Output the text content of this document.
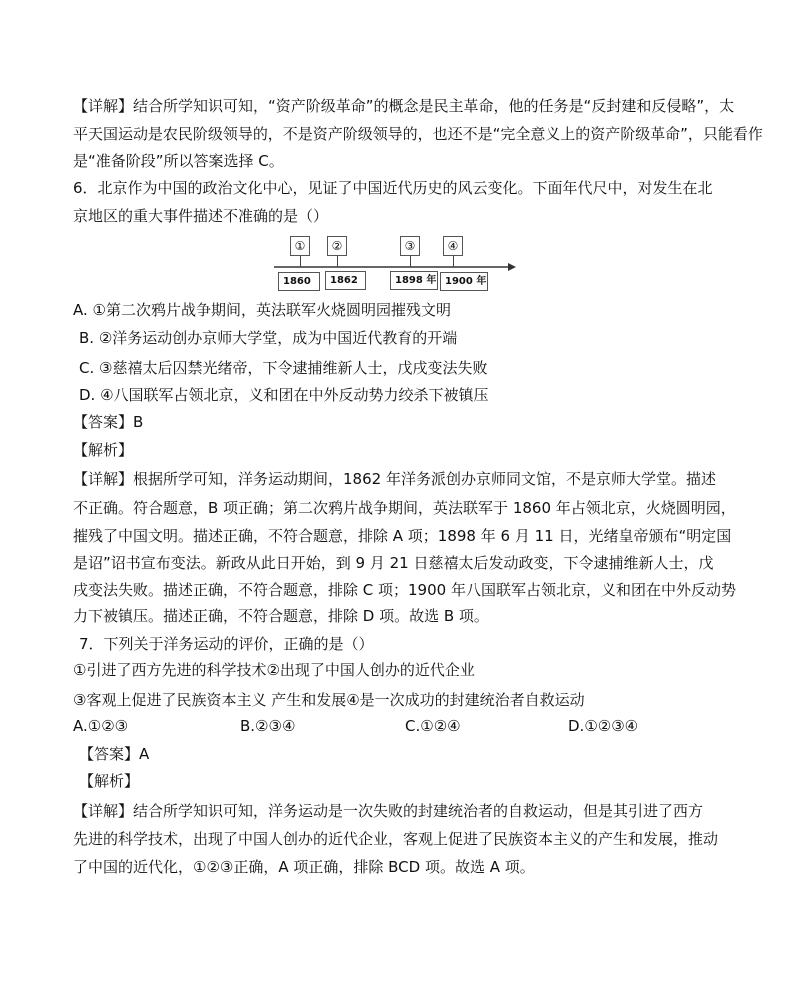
【详解】结合所学知识可知，“资产阶级革命”的概念是民主革命，他的任务是“反封建和反侵略”，太
平天国运动是农民阶级领导的，不是资产阶级领导的，也还不是“完全意义上的资产阶级革命”，只能看作
是“准备阶段”所以答案选择 C。
6．北京作为中国的政治文化中心，见证了中国近代历史的风云变化。下面年代尺中，对发生在北
京地区的重大事件描述不准确的是（）
①	②	③	④
1860	1862	1898 年 1900 年
A. ①第二次鸦片战争期间，英法联军火烧圆明园摧残文明
B. ②洋务运动创办京师大学堂，成为中国近代教育的开端
C. ③慈禧太后囚禁光绪帝，下令逮捕维新人士，戊戌变法失败
D. ④八国联军占领北京，义和团在中外反动势力绞杀下被镇压
【答案】B
【解析】
【详解】根据所学可知，洋务运动期间，1862 年洋务派创办京师同文馆，不是京师大学堂。描述
不正确。符合题意，B 项正确；第二次鸦片战争期间，英法联军于 1860 年占领北京，火烧圆明园，
摧残了中国文明。描述正确，不符合题意，排除 A 项；1898 年 6 月 11 日，光绪皇帝颁布“明定国
是诏”诏书宣布变法。新政从此日开始，到 9 月 21 日慈禧太后发动政变，下令逮捕维新人士，戊
戌变法失败。描述正确，不符合题意，排除 C 项；1900 年八国联军占领北京，义和团在中外反动势
力下被镇压。描述正确，不符合题意，排除 D 项。故选 B 项。
7．下列关于洋务运动的评价，正确的是（）
①引进了西方先进的科学技术②出现了中国人创办的近代企业
③客观上促进了民族资本主义 产生和发展④是一次成功的封建统治者自救运动
A.①②③	B.②③④	C.①②④	D.①②③④
【答案】A
【解析】
【详解】结合所学知识可知，洋务运动是一次失败的封建统治者的自救运动，但是其引进了西方
先进的科学技术，出现了中国人创办的近代企业，客观上促进了民族资本主义的产生和发展，推动
了中国的近代化，①②③正确，A 项正确，排除 BCD 项。故选 A 项。
